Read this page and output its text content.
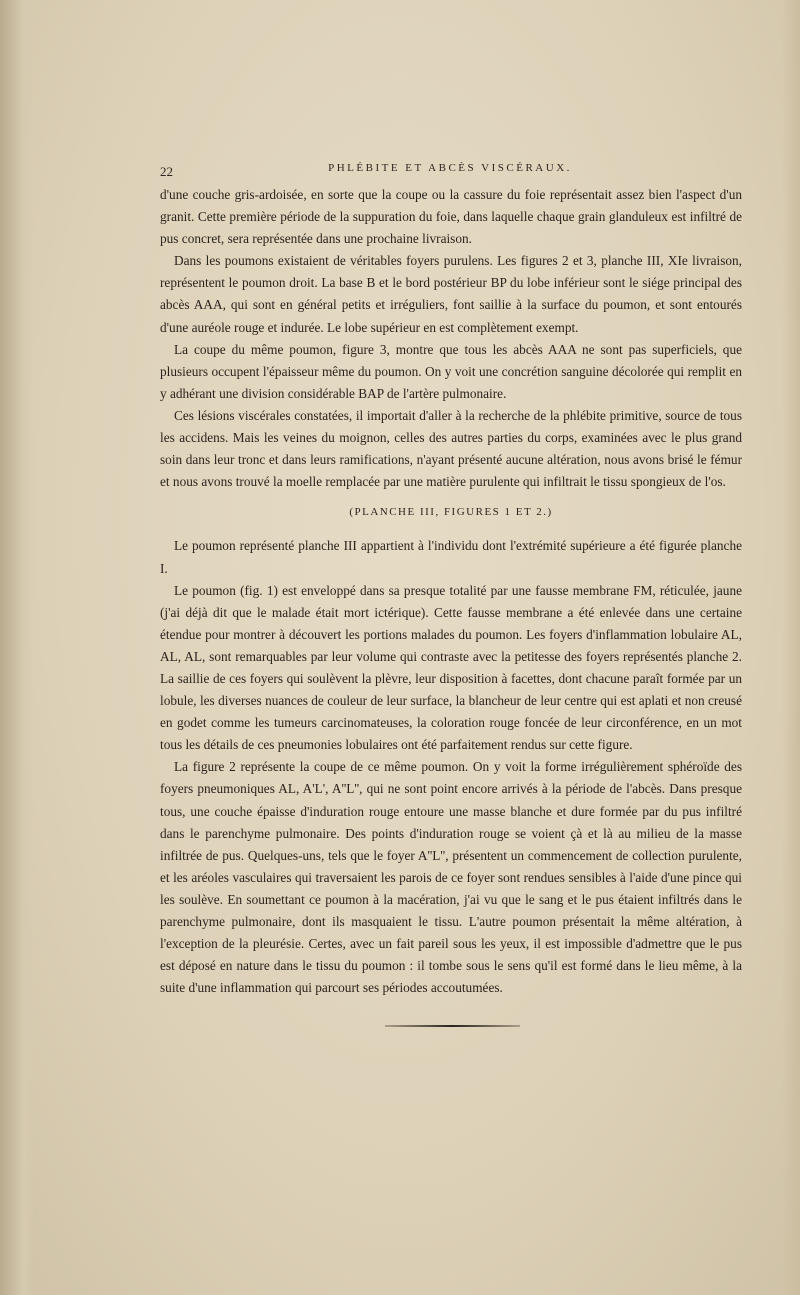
22	PHLÉBITE ET ABCÈS VISCÉRAUX.

d'une couche gris-ardoisée, en sorte que la coupe ou la cassure du foie représentait assez bien l'aspect d'un granit. Cette première période de la suppuration du foie, dans laquelle chaque grain glanduleux est infiltré de pus concret, sera représentée dans une prochaine livraison.

Dans les poumons existaient de véritables foyers purulens. Les figures 2 et 3, planche III, XIe livraison, représentent le poumon droit. La base B et le bord postérieur BP du lobe inférieur sont le siége principal des abcès AAA, qui sont en général petits et irréguliers, font saillie à la surface du poumon, et sont entourés d'une auréole rouge et indurée. Le lobe supérieur en est complètement exempt.

La coupe du même poumon, figure 3, montre que tous les abcès AAA ne sont pas superficiels, que plusieurs occupent l'épaisseur même du poumon. On y voit une concrétion sanguine décolorée qui remplit en y adhérant une division considérable BAP de l'artère pulmonaire.

Ces lésions viscérales constatées, il importait d'aller à la recherche de la phlébite primitive, source de tous les accidens. Mais les veines du moignon, celles des autres parties du corps, examinées avec le plus grand soin dans leur tronc et dans leurs ramifications, n'ayant présenté aucune altération, nous avons brisé le fémur et nous avons trouvé la moelle remplacée par une matière purulente qui infiltrait le tissu spongieux de l'os.

(PLANCHE III, FIGURES 1 ET 2.)

Le poumon représenté planche III appartient à l'individu dont l'extrémité supérieure a été figurée planche I.

Le poumon (fig. 1) est enveloppé dans sa presque totalité par une fausse membrane FM, réticulée, jaune (j'ai déjà dit que le malade était mort ictérique). Cette fausse membrane a été enlevée dans une certaine étendue pour montrer à découvert les portions malades du poumon. Les foyers d'inflammation lobulaire AL, AL, AL, sont remarquables par leur volume qui contraste avec la petitesse des foyers représentés planche 2. La saillie de ces foyers qui soulèvent la plèvre, leur disposition à facettes, dont chacune paraît formée par un lobule, les diverses nuances de couleur de leur surface, la blancheur de leur centre qui est aplati et non creusé en godet comme les tumeurs carcinomateuses, la coloration rouge foncée de leur circonférence, en un mot tous les détails de ces pneumonies lobulaires ont été parfaitement rendus sur cette figure.

La figure 2 représente la coupe de ce même poumon. On y voit la forme irrégulièrement sphéroïde des foyers pneumoniques AL, A'L', A''L'', qui ne sont point encore arrivés à la période de l'abcès. Dans presque tous, une couche épaisse d'induration rouge entoure une masse blanche et dure formée par du pus infiltré dans le parenchyme pulmonaire. Des points d'induration rouge se voient çà et là au milieu de la masse infiltrée de pus. Quelques-uns, tels que le foyer A''L'', présentent un commencement de collection purulente, et les aréoles vasculaires qui traversaient les parois de ce foyer sont rendues sensibles à l'aide d'une pince qui les soulève. En soumettant ce poumon à la macération, j'ai vu que le sang et le pus étaient infiltrés dans le parenchyme pulmonaire, dont ils masquaient le tissu. L'autre poumon présentait la même altération, à l'exception de la pleurésie. Certes, avec un fait pareil sous les yeux, il est impossible d'admettre que le pus est déposé en nature dans le tissu du poumon : il tombe sous le sens qu'il est formé dans le lieu même, à la suite d'une inflammation qui parcourt ses périodes accoutumées.
